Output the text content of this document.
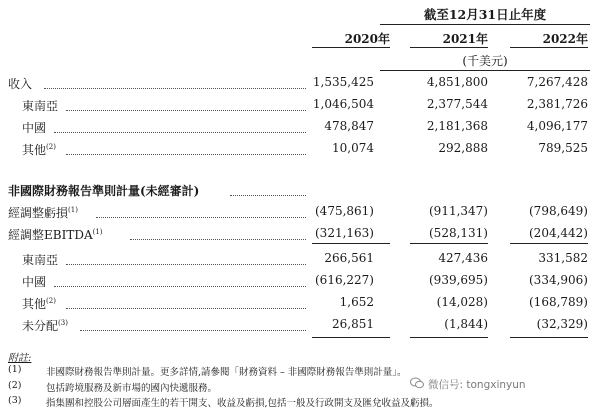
截至12月31日止年度
2020年	2021年	2022年
(千美元)
收入	1,535,425	4,851,800	7,267,428
東南亞	1,046,504	2,377,544	2,381,726
中國	478,847	2,181,368	4,096,177
其他$^{(2)}$	10,074	292,888	789,525
非國際財務報告準則計量(未經審計)
經調整虧損$^{(1)}$	(475,861)	(911,347)	(798,649)
經調整EBITDA$^{(1)}$	(321,163)	(528,131)	(204,442)
東南亞	266,561	427,436	331,582
中國	(616,227)	(939,695)	(334,906)
其他$^{(2)}$	1,652	(14,028)	(168,789)
未分配$^{(3)}$	26,851	(1,844)	(32,329)
附註:
(1)	非國際財務報告準則計量。更多詳情,請參閱「財務資料 – 非國際財務報告準則計量」。
(2)	包括跨境服務及新市場的國內快遞服務。
(3)	指集團和控股公司層面產生的若干開支、收益及虧損,包括一般及行政開支及匯兌收益及虧損。
微信号: tongxinyun
